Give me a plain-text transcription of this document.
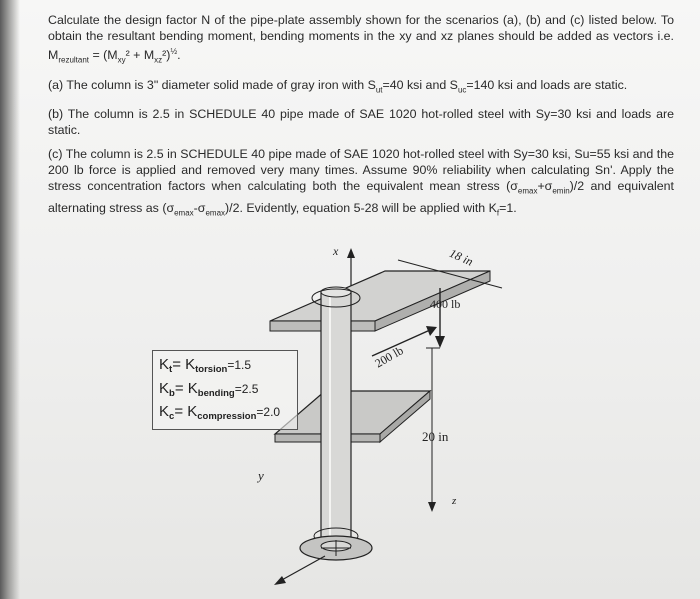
Calculate the design factor N of the pipe-plate assembly shown for the scenarios (a), (b) and (c) listed below. To obtain the resultant bending moment, bending moments in the xy and xz planes should be added as vectors i.e. $M_{rezultant} = (M_{xy}^2 + M_{xz}^2)^{\frac{1}{2}}$.

(a) The column is 3" diameter solid made of gray iron with $S_{ut}=40$ ksi and $S_{uc}=140$ ksi and loads are static.

(b) The column is 2.5 in SCHEDULE 40 pipe made of SAE 1020 hot-rolled steel with Sy=30 ksi and loads are static.

(c) The column is 2.5 in SCHEDULE 40 pipe made of SAE 1020 hot-rolled steel with Sy=30 ksi, Su=55 ksi and the 200 lb force is applied and removed very many times. Assume 90% reliability when calculating Sn'. Apply the stress concentration factors when calculating both the equivalent mean stress $(\sigma_{emax}+\sigma_{emin})/2$ and equivalent alternating stress as $(\sigma_{emax}-\sigma_{emax})/2$. Evidently, equation 5-28 will be applied with $K_f=1$.

x	18 in
400 lb
200 lb
20 in
z
y
$K_t= K_{torsion}=1.5$
$K_b= K_{bending}=2.5$
$K_c= K_{compression}=2.0$
